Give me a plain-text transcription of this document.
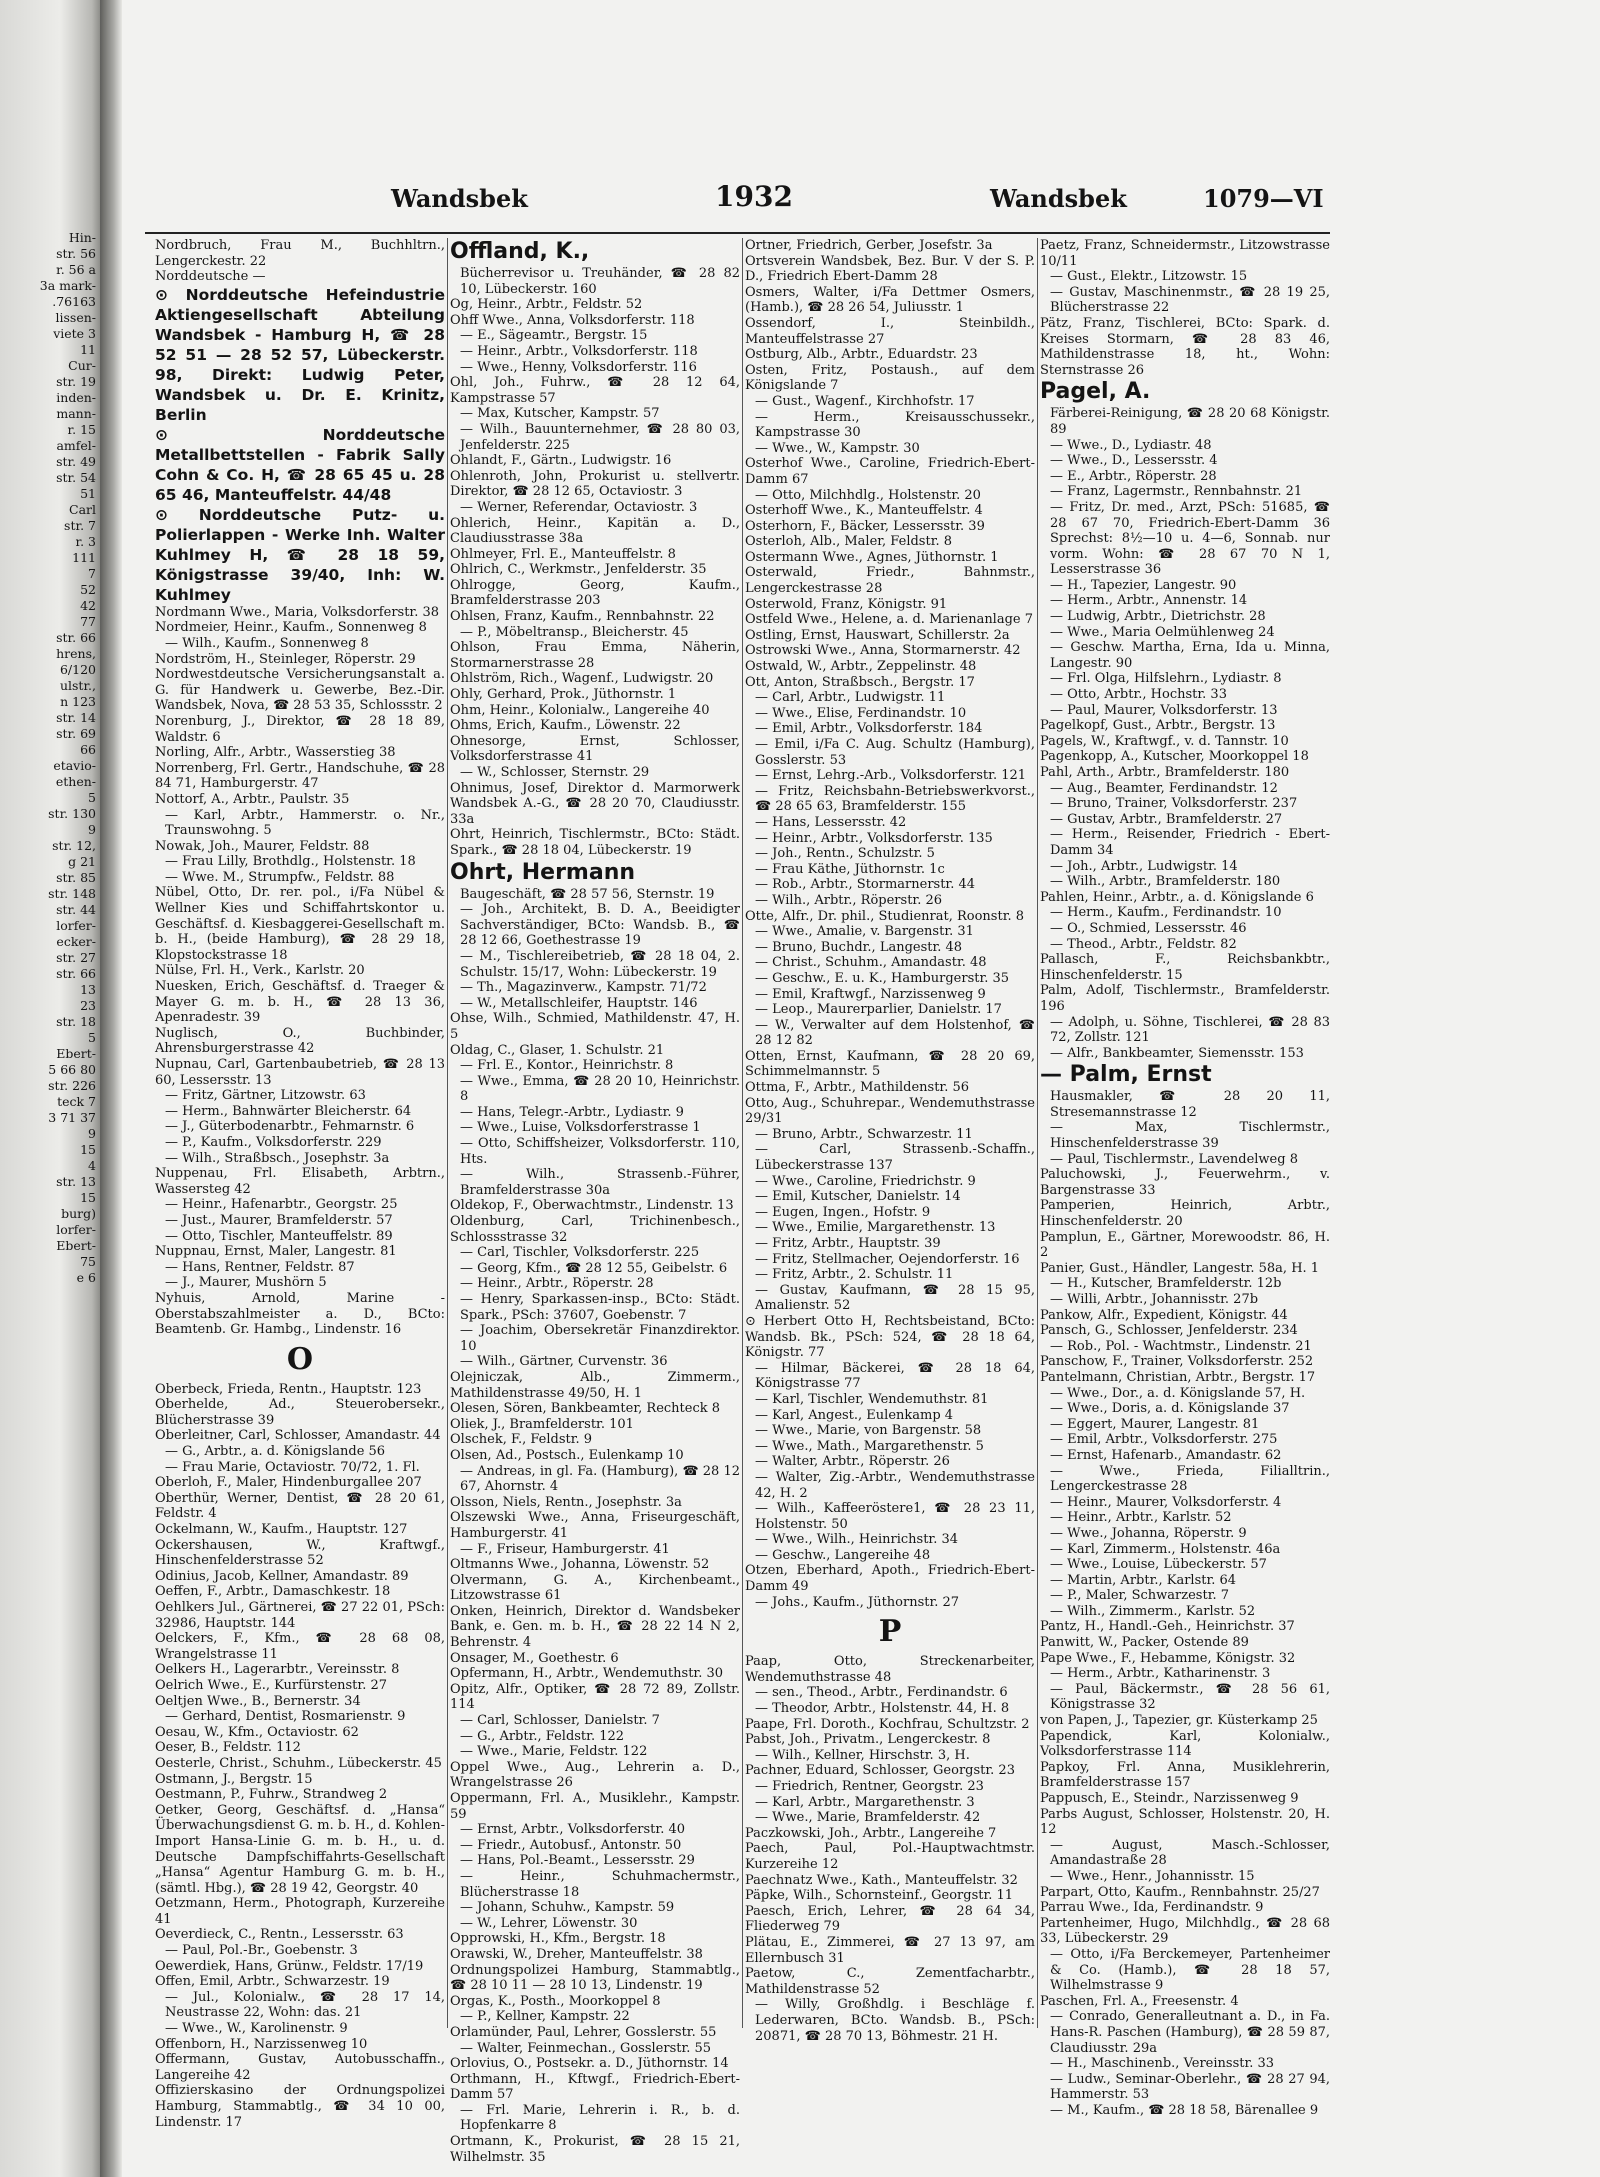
Hin-
str. 56
r. 56 a
3a mark-
.76163
lissen-
viete 3
11
Cur-
str. 19
inden-
mann-
r. 15
amfel-
str. 49
str. 54
51
Carl
str. 7
r. 3
111
7
52
42
77
str. 66
hrens,
6/120
ulstr.,
n 123
str. 14
str. 69
66
etavio-
ethen-
5
str. 130
9
str. 12,
g 21
str. 85
str. 148
str. 44
lorfer-
ecker-
str. 27
str. 66
13
23
str. 18
5
Ebert-
5 66 80
str. 226
teck 7
3 71 37
9
15
4
str. 13
15
burg)
lorfer-
Ebert-
75
e 6
Wandsbek	1932	Wandsbek	1079—VI
Nordbruch, Frau M., Buchhltrn., Lengerckestr. 22
Norddeutsche —
⊙ Norddeutsche Hefeindustrie Aktiengesellschaft Abteilung Wandsbek - Hamburg H, ☎ 28 52 51 — 28 52 57, Lübeckerstr. 98, Direkt: Ludwig Peter, Wandsbek u. Dr. E. Krinitz, Berlin
⊙ Norddeutsche Metallbettstellen - Fabrik Sally Cohn & Co. H, ☎ 28 65 45 u. 28 65 46, Manteuffelstr. 44/48
⊙ Norddeutsche Putz- u. Polierlappen - Werke Inh. Walter Kuhlmey H, ☎ 28 18 59, Königstrasse 39/40, Inh: W. Kuhlmey
Nordmann Wwe., Maria, Volksdorferstr. 38
Nordmeier, Heinr., Kaufm., Sonnenweg 8
— Wilh., Kaufm., Sonnenweg 8
Nordström, H., Steinleger, Röperstr. 29
Nordwestdeutsche Versicherungsanstalt a. G. für Handwerk u. Gewerbe, Bez.-Dir. Wandsbek, Nova, ☎ 28 53 35, Schlossstr. 2
Norenburg, J., Direktor, ☎ 28 18 89, Waldstr. 6
Norling, Alfr., Arbtr., Wasserstieg 38
Norrenberg, Frl. Gertr., Handschuhe, ☎ 28 84 71, Hamburgerstr. 47
Nottorf, A., Arbtr., Paulstr. 35
— Karl, Arbtr., Hammerstr. o. Nr., Traunswohng. 5
Nowak, Joh., Maurer, Feldstr. 88
— Frau Lilly, Brothdlg., Holstenstr. 18
— Wwe. M., Strumpfw., Feldstr. 88
Nübel, Otto, Dr. rer. pol., i/Fa Nübel & Wellner Kies und Schiffahrtskontor u. Geschäftsf. d. Kiesbaggerei-Gesellschaft m. b. H., (beide Hamburg), ☎ 28 29 18, Klopstockstrasse 18
Nülse, Frl. H., Verk., Karlstr. 20
Nuesken, Erich, Geschäftsf. d. Traeger & Mayer G. m. b. H., ☎ 28 13 36, Apenradestr. 39
Nuglisch, O., Buchbinder, Ahrensburgerstrasse 42
Nupnau, Carl, Gartenbaubetrieb, ☎ 28 13 60, Lessersstr. 13
— Fritz, Gärtner, Litzowstr. 63
— Herm., Bahnwärter Bleicherstr. 64
— J., Güterbodenarbtr., Fehmarnstr. 6
— P., Kaufm., Volksdorferstr. 229
— Wilh., Straßbsch., Josephstr. 3a
Nuppenau, Frl. Elisabeth, Arbtrn., Wassersteg 42
— Heinr., Hafenarbtr., Georgstr. 25
— Just., Maurer, Bramfelderstr. 57
— Otto, Tischler, Manteuffelstr. 89
Nuppnau, Ernst, Maler, Langestr. 81
— Hans, Rentner, Feldstr. 87
— J., Maurer, Mushörn 5
Nyhuis, Arnold, Marine - Oberstabszahlmeister a. D., BCto: Beamtenb. Gr. Hambg., Lindenstr. 16
O
Oberbeck, Frieda, Rentn., Hauptstr. 123
Oberhelde, Ad., Steuerobersekr., Blücherstrasse 39
Oberleitner, Carl, Schlosser, Amandastr. 44
— G., Arbtr., a. d. Königslande 56
— Frau Marie, Octaviostr. 70/72, 1. Fl.
Oberloh, F., Maler, Hindenburgallee 207
Oberthür, Werner, Dentist, ☎ 28 20 61, Feldstr. 4
Ockelmann, W., Kaufm., Hauptstr. 127
Ockershausen, W., Kraftwgf., Hinschenfelderstrasse 52
Odinius, Jacob, Kellner, Amandastr. 89
Oeffen, F., Arbtr., Damaschkestr. 18
Oehlkers Jul., Gärtnerei, ☎ 27 22 01, PSch: 32986, Hauptstr. 144
Oelckers, F., Kfm., ☎ 28 68 08, Wrangelstrasse 11
Oelkers H., Lagerarbtr., Vereinsstr. 8
Oelrich Wwe., E., Kurfürstenstr. 27
Oeltjen Wwe., B., Bernerstr. 34
— Gerhard, Dentist, Rosmarienstr. 9
Oesau, W., Kfm., Octaviostr. 62
Oeser, B., Feldstr. 112
Oesterle, Christ., Schuhm., Lübeckerstr. 45
Ostmann, J., Bergstr. 15
Oestmann, P., Fuhrw., Strandweg 2
Oetker, Georg, Geschäftsf. d. „Hansa“ Überwachungsdienst G. m. b. H., d. Kohlen-Import Hansa-Linie G. m. b. H., u. d. Deutsche Dampfschiffahrts-Gesellschaft „Hansa“ Agentur Hamburg G. m. b. H., (sämtl. Hbg.), ☎ 28 19 42, Georgstr. 40
Oetzmann, Herm., Photograph, Kurzereihe 41
Oeverdieck, C., Rentn., Lessersstr. 63
— Paul, Pol.-Br., Goebenstr. 3
Oewerdiek, Hans, Grünw., Feldstr. 17/19
Offen, Emil, Arbtr., Schwarzestr. 19
— Jul., Kolonialw., ☎ 28 17 14, Neustrasse 22, Wohn: das. 21
— Wwe., W., Karolinenstr. 9
Offenborn, H., Narzissenweg 10
Offermann, Gustav, Autobusschaffn., Langereihe 42
Offizierskasino der Ordnungspolizei Hamburg, Stammabtlg., ☎ 34 10 00, Lindenstr. 17
Offland, K.,
Bücherrevisor u. Treuhänder, ☎ 28 82 10, Lübeckerstr. 160
Og, Heinr., Arbtr., Feldstr. 52
Ohff Wwe., Anna, Volksdorferstr. 118
— E., Sägeamtr., Bergstr. 15
— Heinr., Arbtr., Volksdorferstr. 118
— Wwe., Henny, Volksdorferstr. 116
Ohl, Joh., Fuhrw., ☎ 28 12 64, Kampstrasse 57
— Max, Kutscher, Kampstr. 57
— Wilh., Bauunternehmer, ☎ 28 80 03, Jenfelderstr. 225
Ohlandt, F., Gärtn., Ludwigstr. 16
Ohlenroth, John, Prokurist u. stellvertr. Direktor, ☎ 28 12 65, Octaviostr. 3
— Werner, Referendar, Octaviostr. 3
Ohlerich, Heinr., Kapitän a. D., Claudiusstrasse 38a
Ohlmeyer, Frl. E., Manteuffelstr. 8
Ohlrich, C., Werkmstr., Jenfelderstr. 35
Ohlrogge, Georg, Kaufm., Bramfelderstrasse 203
Ohlsen, Franz, Kaufm., Rennbahnstr. 22
— P., Möbeltransp., Bleicherstr. 45
Ohlson, Frau Emma, Näherin, Stormarnerstrasse 28
Ohlström, Rich., Wagenf., Ludwigstr. 20
Ohly, Gerhard, Prok., Jüthornstr. 1
Ohm, Heinr., Kolonialw., Langereihe 40
Ohms, Erich, Kaufm., Löwenstr. 22
Ohnesorge, Ernst, Schlosser, Volksdorferstrasse 41
— W., Schlosser, Sternstr. 29
Ohnimus, Josef, Direktor d. Marmorwerk Wandsbek A.-G., ☎ 28 20 70, Claudiusstr. 33a
Ohrt, Heinrich, Tischlermstr., BCto: Städt. Spark., ☎ 28 18 04, Lübeckerstr. 19
Ohrt, Hermann
Baugeschäft, ☎ 28 57 56, Sternstr. 19
— Joh., Architekt, B. D. A., Beeidigter Sachverständiger, BCto: Wandsb. B., ☎ 28 12 66, Goethestrasse 19
— M., Tischlereibetrieb, ☎ 28 18 04, 2. Schulstr. 15/17, Wohn: Lübeckerstr. 19
— Th., Magazinverw., Kampstr. 71/72
— W., Metallschleifer, Hauptstr. 146
Ohse, Wilh., Schmied, Mathildenstr. 47, H. 5
Oldag, C., Glaser, 1. Schulstr. 21
— Frl. E., Kontor., Heinrichstr. 8
— Wwe., Emma, ☎ 28 20 10, Heinrichstr. 8
— Hans, Telegr.-Arbtr., Lydiastr. 9
— Wwe., Luise, Volksdorferstrasse 1
— Otto, Schiffsheizer, Volksdorferstr. 110, Hts.
— Wilh., Strassenb.-Führer, Bramfelderstrasse 30a
Oldekop, F., Oberwachtmstr., Lindenstr. 13
Oldenburg, Carl, Trichinenbesch., Schlossstrasse 32
— Carl, Tischler, Volksdorferstr. 225
— Georg, Kfm., ☎ 28 12 55, Geibelstr. 6
— Heinr., Arbtr., Röperstr. 28
— Henry, Sparkassen-insp., BCto: Städt. Spark., PSch: 37607, Goebenstr. 7
— Joachim, Obersekretär Finanzdirektor. 10
— Wilh., Gärtner, Curvenstr. 36
Olejniczak, Alb., Zimmerm., Mathildenstrasse 49/50, H. 1
Olesen, Sören, Bankbeamter, Rechteck 8
Oliek, J., Bramfelderstr. 101
Olschek, F., Feldstr. 9
Olsen, Ad., Postsch., Eulenkamp 10
— Andreas, in gl. Fa. (Hamburg), ☎ 28 12 67, Ahornstr. 4
Olsson, Niels, Rentn., Josephstr. 3a
Olszewski Wwe., Anna, Friseurgeschäft, Hamburgerstr. 41
— F., Friseur, Hamburgerstr. 41
Oltmanns Wwe., Johanna, Löwenstr. 52
Olvermann, G. A., Kirchenbeamt., Litzowstrasse 61
Onken, Heinrich, Direktor d. Wandsbeker Bank, e. Gen. m. b. H., ☎ 28 22 14 N 2, Behrenstr. 4
Onsager, M., Goethestr. 6
Opfermann, H., Arbtr., Wendemuthstr. 30
Opitz, Alfr., Optiker, ☎ 28 72 89, Zollstr. 114
— Carl, Schlosser, Danielstr. 7
— G., Arbtr., Feldstr. 122
— Wwe., Marie, Feldstr. 122
Oppel Wwe., Aug., Lehrerin a. D., Wrangelstrasse 26
Oppermann, Frl. A., Musiklehr., Kampstr. 59
— Ernst, Arbtr., Volksdorferstr. 40
— Friedr., Autobusf., Antonstr. 50
— Hans, Pol.-Beamt., Lessersstr. 29
— Heinr., Schuhmachermstr., Blücherstrasse 18
— Johann, Schuhw., Kampstr. 59
— W., Lehrer, Löwenstr. 30
Opprowski, H., Kfm., Bergstr. 18
Orawski, W., Dreher, Manteuffelstr. 38
Ordnungspolizei Hamburg, Stammabtlg., ☎ 28 10 11 — 28 10 13, Lindenstr. 19
Orgas, K., Posth., Moorkoppel 8
— P., Kellner, Kampstr. 22
Orlamünder, Paul, Lehrer, Gosslerstr. 55
— Walter, Feinmechan., Gosslerstr. 55
Orlovius, O., Postsekr. a. D., Jüthornstr. 14
Orthmann, H., Kftwgf., Friedrich-Ebert-Damm 57
— Frl. Marie, Lehrerin i. R., b. d. Hopfenkarre 8
Ortmann, K., Prokurist, ☎ 28 15 21, Wilhelmstr. 35
Ortner, Friedrich, Gerber, Josefstr. 3a
Ortsverein Wandsbek, Bez. Bur. V der S. P. D., Friedrich Ebert-Damm 28
Osmers, Walter, i/Fa Dettmer Osmers, (Hamb.), ☎ 28 26 54, Juliusstr. 1
Ossendorf, I., Steinbildh., Manteuffelstrasse 27
Ostburg, Alb., Arbtr., Eduardstr. 23
Osten, Fritz, Postaush., auf dem Königslande 7
— Gust., Wagenf., Kirchhofstr. 17
— Herm., Kreisausschussekr., Kampstrasse 30
— Wwe., W., Kampstr. 30
Osterhof Wwe., Caroline, Friedrich-Ebert-Damm 67
— Otto, Milchhdlg., Holstenstr. 20
Osterhoff Wwe., K., Manteuffelstr. 4
Osterhorn, F., Bäcker, Lessersstr. 39
Osterloh, Alb., Maler, Feldstr. 8
Ostermann Wwe., Agnes, Jüthornstr. 1
Osterwald, Friedr., Bahnmstr., Lengerckestrasse 28
Osterwold, Franz, Königstr. 91
Ostfeld Wwe., Helene, a. d. Marienanlage 7
Ostling, Ernst, Hauswart, Schillerstr. 2a
Ostrowski Wwe., Anna, Stormarnerstr. 42
Ostwald, W., Arbtr., Zeppelinstr. 48
Ott, Anton, Straßbsch., Bergstr. 17
— Carl, Arbtr., Ludwigstr. 11
— Wwe., Elise, Ferdinandstr. 10
— Emil, Arbtr., Volksdorferstr. 184
— Emil, i/Fa C. Aug. Schultz (Hamburg), Gosslerstr. 53
— Ernst, Lehrg.-Arb., Volksdorferstr. 121
— Fritz, Reichsbahn-Betriebswerkvorst., ☎ 28 65 63, Bramfelderstr. 155
— Hans, Lessersstr. 42
— Heinr., Arbtr., Volksdorferstr. 135
— Joh., Rentn., Schulzstr. 5
— Frau Käthe, Jüthornstr. 1c
— Rob., Arbtr., Stormarnerstr. 44
— Wilh., Arbtr., Röperstr. 26
Otte, Alfr., Dr. phil., Studienrat, Roonstr. 8
— Wwe., Amalie, v. Bargenstr. 31
— Bruno, Buchdr., Langestr. 48
— Christ., Schuhm., Amandastr. 48
— Geschw., E. u. K., Hamburgerstr. 35
— Emil, Kraftwgf., Narzissenweg 9
— Leop., Maurerparlier, Danielstr. 17
— W., Verwalter auf dem Holstenhof, ☎ 28 12 82
Otten, Ernst, Kaufmann, ☎ 28 20 69, Schimmelmannstr. 5
Ottma, F., Arbtr., Mathildenstr. 56
Otto, Aug., Schuhrepar., Wendemuthstrasse 29/31
— Bruno, Arbtr., Schwarzestr. 11
— Carl, Strassenb.-Schaffn., Lübeckerstrasse 137
— Wwe., Caroline, Friedrichstr. 9
— Emil, Kutscher, Danielstr. 14
— Eugen, Ingen., Hofstr. 9
— Wwe., Emilie, Margarethenstr. 13
— Fritz, Arbtr., Hauptstr. 39
— Fritz, Stellmacher, Oejendorferstr. 16
— Fritz, Arbtr., 2. Schulstr. 11
— Gustav, Kaufmann, ☎ 28 15 95, Amalienstr. 52
⊙ Herbert Otto H, Rechtsbeistand, BCto: Wandsb. Bk., PSch: 524, ☎ 28 18 64, Königstr. 77
— Hilmar, Bäckerei, ☎ 28 18 64, Königstrasse 77
— Karl, Tischler, Wendemuthstr. 81
— Karl, Angest., Eulenkamp 4
— Wwe., Marie, von Bargenstr. 58
— Wwe., Math., Margarethenstr. 5
— Walter, Arbtr., Röperstr. 26
— Walter, Zig.-Arbtr., Wendemuthstrasse 42, H. 2
— Wilh., Kaffeeröstere1, ☎ 28 23 11, Holstenstr. 50
— Wwe., Wilh., Heinrichstr. 34
— Geschw., Langereihe 48
Otzen, Eberhard, Apoth., Friedrich-Ebert-Damm 49
— Johs., Kaufm., Jüthornstr. 27
P
Paap, Otto, Streckenarbeiter, Wendemuthstrasse 48
— sen., Theod., Arbtr., Ferdinandstr. 6
— Theodor, Arbtr., Holstenstr. 44, H. 8
Paape, Frl. Doroth., Kochfrau, Schultzstr. 2
Pabst, Joh., Privatm., Lengerckestr. 8
— Wilh., Kellner, Hirschstr. 3, H.
Pachner, Eduard, Schlosser, Georgstr. 23
— Friedrich, Rentner, Georgstr. 23
— Karl, Arbtr., Margarethenstr. 3
— Wwe., Marie, Bramfelderstr. 42
Paczkowski, Joh., Arbtr., Langereihe 7
Paech, Paul, Pol.-Hauptwachtmstr. Kurzereihe 12
Paechnatz Wwe., Kath., Manteuffelstr. 32
Päpke, Wilh., Schornsteinf., Georgstr. 11
Paesch, Erich, Lehrer, ☎ 28 64 34, Fliederweg 79
Plätau, E., Zimmerei, ☎ 27 13 97, am Ellernbusch 31
Paetow, C., Zementfacharbtr., Mathildenstrasse 52
— Willy, Großhdlg. i Beschläge f. Lederwaren, BCto. Wandsb. B., PSch: 20871, ☎ 28 70 13, Böhmestr. 21 H.
Paetz, Franz, Schneidermstr., Litzowstrasse 10/11
— Gust., Elektr., Litzowstr. 15
— Gustav, Maschinenmstr., ☎ 28 19 25, Blücherstrasse 22
Pätz, Franz, Tischlerei, BCto: Spark. d. Kreises Stormarn, ☎ 28 83 46, Mathildenstrasse 18, ht., Wohn: Sternstrasse 26
Pagel, A.
Färberei-Reinigung, ☎ 28 20 68 Königstr. 89
— Wwe., D., Lydiastr. 48
— Wwe., D., Lessersstr. 4
— E., Arbtr., Röperstr. 28
— Franz, Lagermstr., Rennbahnstr. 21
— Fritz, Dr. med., Arzt, PSch: 51685, ☎ 28 67 70, Friedrich-Ebert-Damm 36 Sprechst: 8½—10 u. 4—6, Sonnab. nur vorm. Wohn: ☎ 28 67 70 N 1, Lesserstrasse 36
— H., Tapezier, Langestr. 90
— Herm., Arbtr., Annenstr. 14
— Ludwig, Arbtr., Dietrichstr. 28
— Wwe., Maria Oelmühlenweg 24
— Geschw. Martha, Erna, Ida u. Minna, Langestr. 90
— Frl. Olga, Hilfslehrn., Lydiastr. 8
— Otto, Arbtr., Hochstr. 33
— Paul, Maurer, Volksdorferstr. 13
Pagelkopf, Gust., Arbtr., Bergstr. 13
Pagels, W., Kraftwgf., v. d. Tannstr. 10
Pagenkopp, A., Kutscher, Moorkoppel 18
Pahl, Arth., Arbtr., Bramfelderstr. 180
— Aug., Beamter, Ferdinandstr. 12
— Bruno, Trainer, Volksdorferstr. 237
— Gustav, Arbtr., Bramfelderstr. 27
— Herm., Reisender, Friedrich - Ebert-Damm 34
— Joh., Arbtr., Ludwigstr. 14
— Wilh., Arbtr., Bramfelderstr. 180
Pahlen, Heinr., Arbtr., a. d. Königslande 6
— Herm., Kaufm., Ferdinandstr. 10
— O., Schmied, Lessersstr. 46
— Theod., Arbtr., Feldstr. 82
Pallasch, F., Reichsbankbtr., Hinschenfelderstr. 15
Palm, Adolf, Tischlermstr., Bramfelderstr. 196
— Adolph, u. Söhne, Tischlerei, ☎ 28 83 72, Zollstr. 121
— Alfr., Bankbeamter, Siemensstr. 153
— Palm, Ernst
Hausmakler, ☎ 28 20 11, Stresemannstrasse 12
— Max, Tischlermstr., Hinschenfelderstrasse 39
— Paul, Tischlermstr., Lavendelweg 8
Paluchowski, J., Feuerwehrm., v. Bargenstrasse 33
Pamperien, Heinrich, Arbtr., Hinschenfelderstr. 20
Pamplun, E., Gärtner, Morewoodstr. 86, H. 2
Panier, Gust., Händler, Langestr. 58a, H. 1
— H., Kutscher, Bramfelderstr. 12b
— Willi, Arbtr., Johannisstr. 27b
Pankow, Alfr., Expedient, Königstr. 44
Pansch, G., Schlosser, Jenfelderstr. 234
— Rob., Pol. - Wachtmstr., Lindenstr. 21
Panschow, F., Trainer, Volksdorferstr. 252
Pantelmann, Christian, Arbtr., Bergstr. 17
— Wwe., Dor., a. d. Königslande 57, H.
— Wwe., Doris, a. d. Königslande 37
— Eggert, Maurer, Langestr. 81
— Emil, Arbtr., Volksdorferstr. 275
— Ernst, Hafenarb., Amandastr. 62
— Wwe., Frieda, Filialltrin., Lengerckestrasse 28
— Heinr., Maurer, Volksdorferstr. 4
— Heinr., Arbtr., Karlstr. 52
— Wwe., Johanna, Röperstr. 9
— Karl, Zimmerm., Holstenstr. 46a
— Wwe., Louise, Lübeckerstr. 57
— Martin, Arbtr., Karlstr. 64
— P., Maler, Schwarzestr. 7
— Wilh., Zimmerm., Karlstr. 52
Pantz, H., Handl.-Geh., Heinrichstr. 37
Panwitt, W., Packer, Ostende 89
Pape Wwe., F., Hebamme, Königstr. 32
— Herm., Arbtr., Katharinenstr. 3
— Paul, Bäckermstr., ☎ 28 56 61, Königstrasse 32
von Papen, J., Tapezier, gr. Küsterkamp 25
Papendick, Karl, Kolonialw., Volksdorferstrasse 114
Papkoy, Frl. Anna, Musiklehrerin, Bramfelderstrasse 157
Pappusch, E., Steindr., Narzissenweg 9
Parbs August, Schlosser, Holstenstr. 20, H. 12
— August, Masch.-Schlosser, Amandastraße 28
— Wwe., Henr., Johannisstr. 15
Parpart, Otto, Kaufm., Rennbahnstr. 25/27
Parrau Wwe., Ida, Ferdinandstr. 9
Partenheimer, Hugo, Milchhdlg., ☎ 28 68 33, Lübeckerstr. 29
— Otto, i/Fa Berckemeyer, Partenheimer & Co. (Hamb.), ☎ 28 18 57, Wilhelmstrasse 9
Paschen, Frl. A., Freesenstr. 4
— Conrado, Generalleutnant a. D., in Fa. Hans-R. Paschen (Hamburg), ☎ 28 59 87, Claudiusstr. 29a
— H., Maschinenb., Vereinsstr. 33
— Ludw., Seminar-Oberlehr., ☎ 28 27 94, Hammerstr. 53
— M., Kaufm., ☎ 28 18 58, Bärenallee 9
